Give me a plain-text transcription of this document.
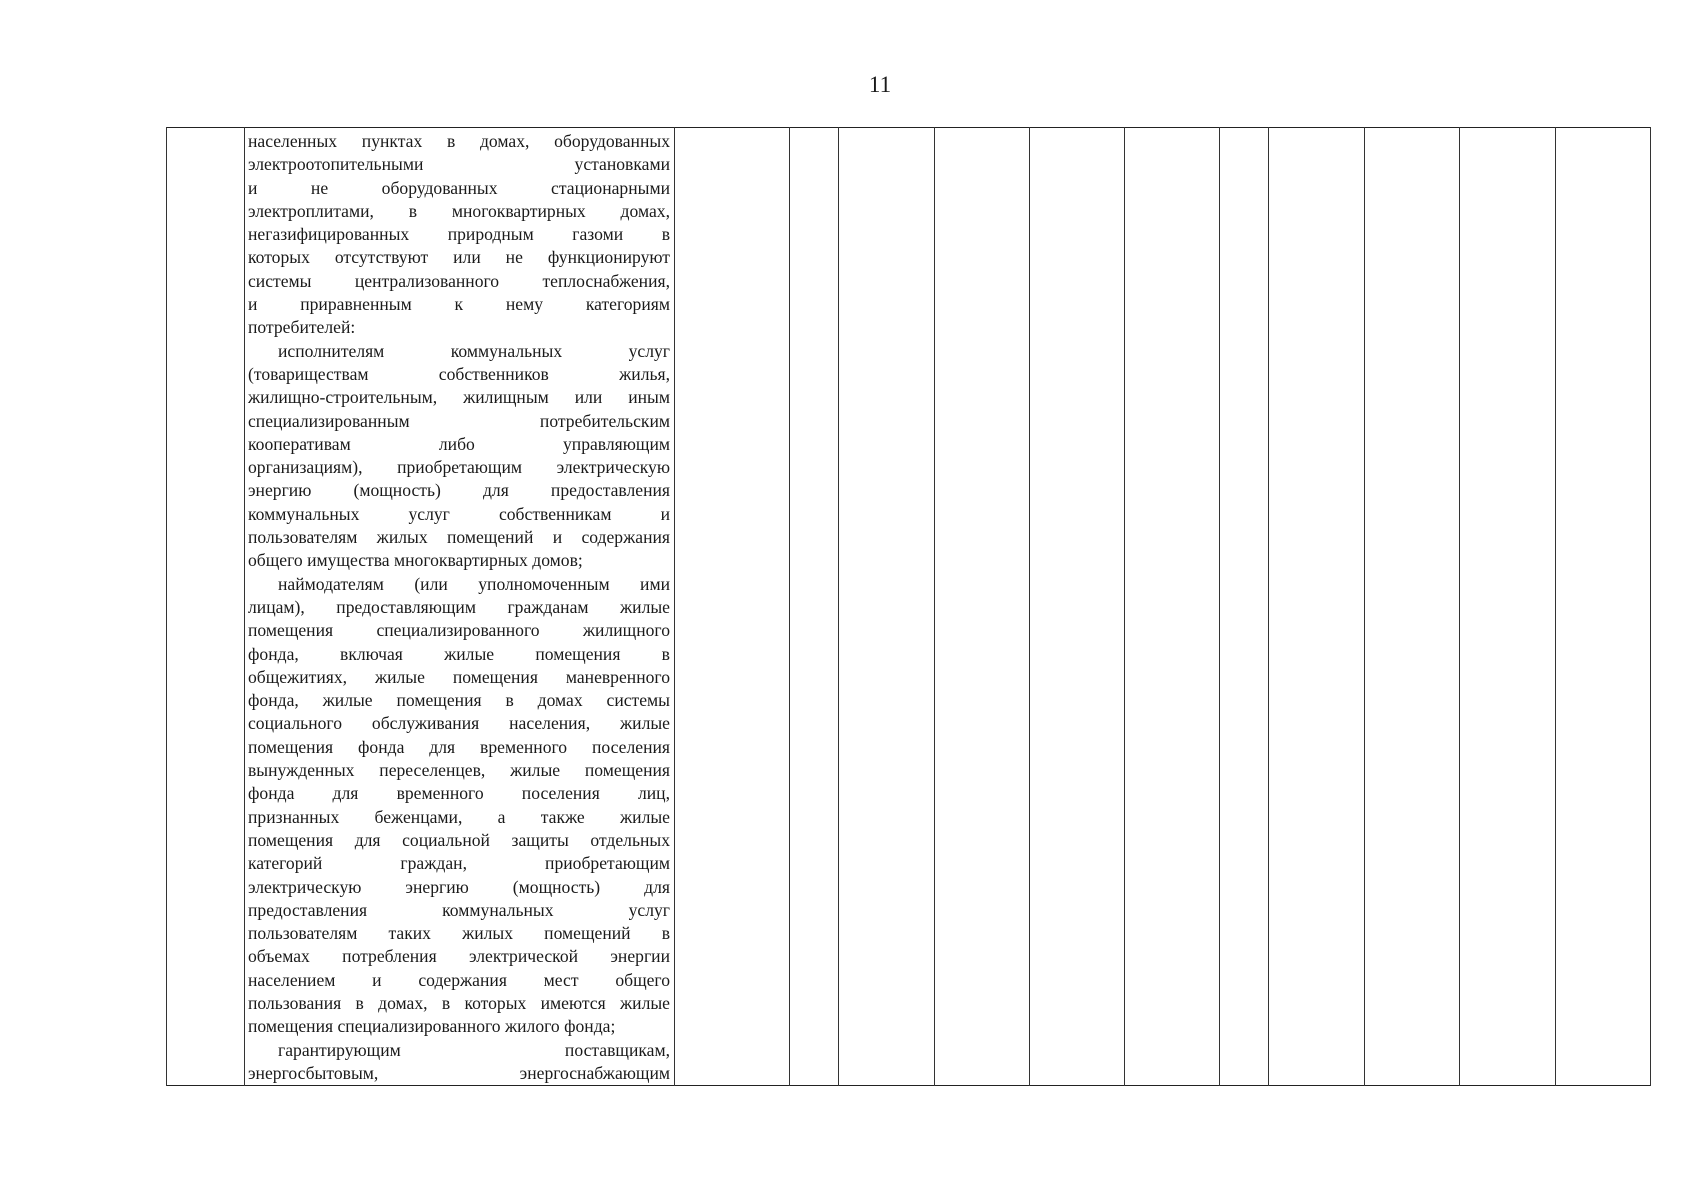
11

населенных пунктах в домах, оборудованных
электроотопительными установками
и не оборудованных стационарными
электроплитами, в многоквартирных домах,
негазифицированных природным газоми в
которых отсутствуют или не функционируют
системы централизованного теплоснабжения,
и приравненным к нему категориям
потребителей:
исполнителям коммунальных услуг
(товариществам собственников жилья,
жилищно-строительным, жилищным или иным
специализированным потребительским
кооперативам либо управляющим
организациям), приобретающим электрическую
энергию (мощность) для предоставления
коммунальных услуг собственникам и
пользователям жилых помещений и содержания
общего имущества многоквартирных домов;
наймодателям (или уполномоченным ими
лицам), предоставляющим гражданам жилые
помещения специализированного жилищного
фонда, включая жилые помещения в
общежитиях, жилые помещения маневренного
фонда, жилые помещения в домах системы
социального обслуживания населения, жилые
помещения фонда для временного поселения
вынужденных переселенцев, жилые помещения
фонда для временного поселения лиц,
признанных беженцами, а также жилые
помещения для социальной защиты отдельных
категорий граждан, приобретающим
электрическую энергию (мощность) для
предоставления коммунальных услуг
пользователям таких жилых помещений в
объемах потребления электрической энергии
населением и содержания мест общего
пользования в домах, в которых имеются жилые
помещения специализированного жилого фонда;
гарантирующим поставщикам,
энергосбытовым, энергоснабжающим
